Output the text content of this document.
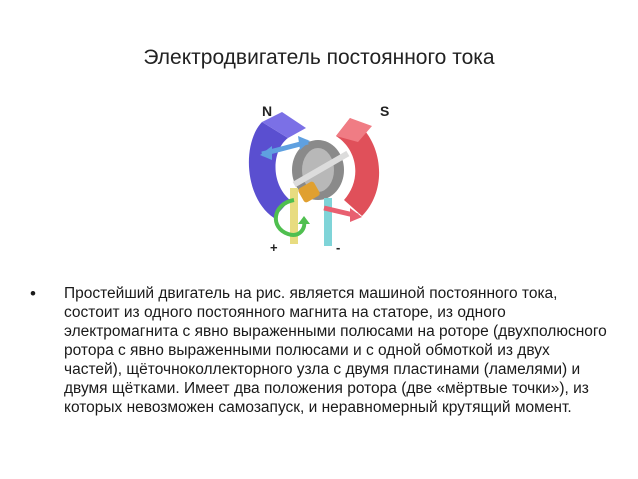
Электродвигатель постоянного тока
N	S
+	-
• Простейший двигатель на рис. является машиной постоянного тока, состоит из одного постоянного магнита на статоре, из одного электромагнита с явно выраженными полюсами на роторе (двухполюсного ротора с явно выраженными полюсами и с одной обмоткой из двух частей), щёточноколлекторного узла с двумя пластинами (ламелями) и двумя щётками. Имеет два положения ротора (две «мёртвые точки»), из которых невозможен самозапуск, и неравномерный крутящий момент.
